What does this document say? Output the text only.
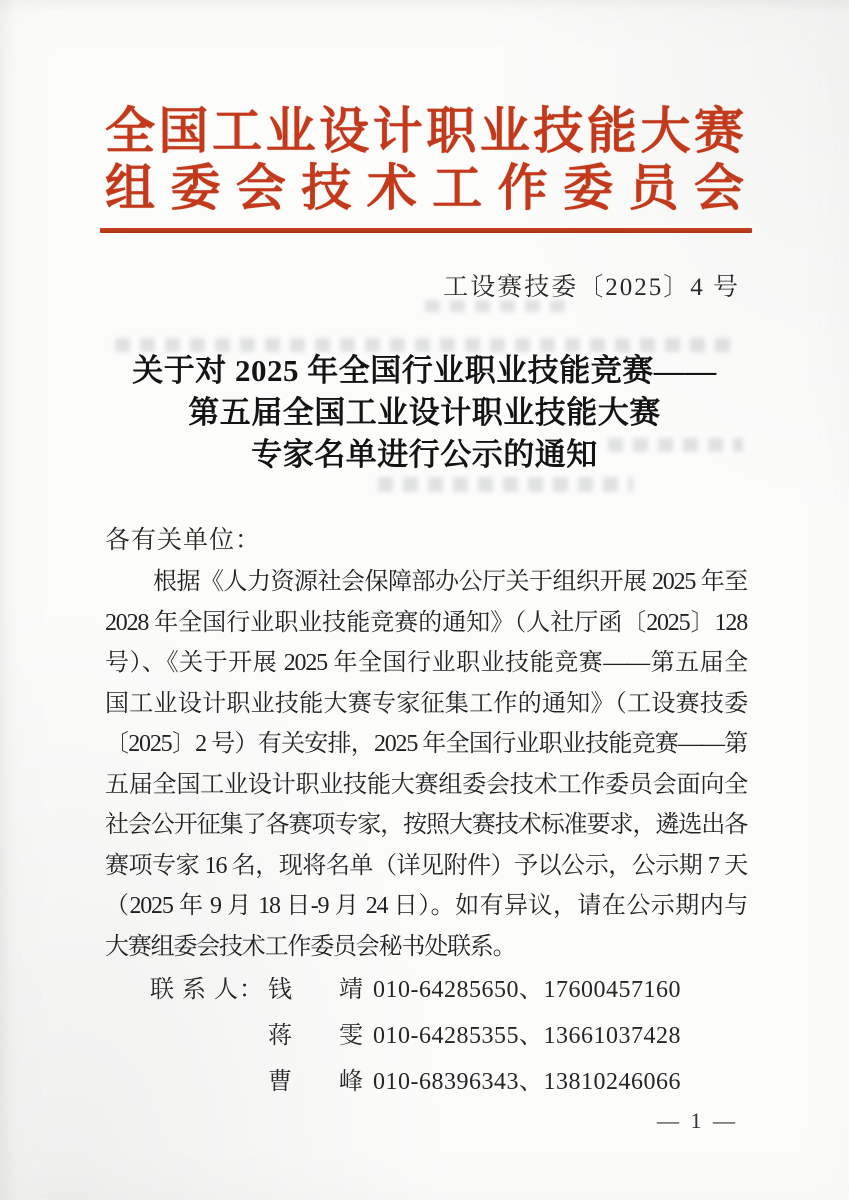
全国工业设计职业技能大赛
组委会技术工作委员会
工设赛技委〔2025〕4 号
关于对 2025 年全国行业职业技能竞赛——
第五届全国工业设计职业技能大赛
专家名单进行公示的通知
各有关单位：
根据《人力资源社会保障部办公厅关于组织开展 2025 年至
2028 年全国行业职业技能竞赛的通知》（人社厅函〔2025〕128
号）、《关于开展 2025 年全国行业职业技能竞赛——第五届全
国工业设计职业技能大赛专家征集工作的通知》（工设赛技委
〔2025〕2 号）有关安排，2025 年全国行业职业技能竞赛——第
五届全国工业设计职业技能大赛组委会技术工作委员会面向全
社会公开征集了各赛项专家，按照大赛技术标准要求，遴选出各
赛项专家 16 名，现将名单（详见附件）予以公示，公示期 7 天
（2025 年 9 月 18 日-9 月 24 日）。如有异议，请在公示期内与
大赛组委会技术工作委员会秘书处联系。
联 系 人： 钱靖 010-64285650、17600457160
蒋雯 010-64285355、13661037428
曹峰 010-68396343、13810246066
— 1 —
